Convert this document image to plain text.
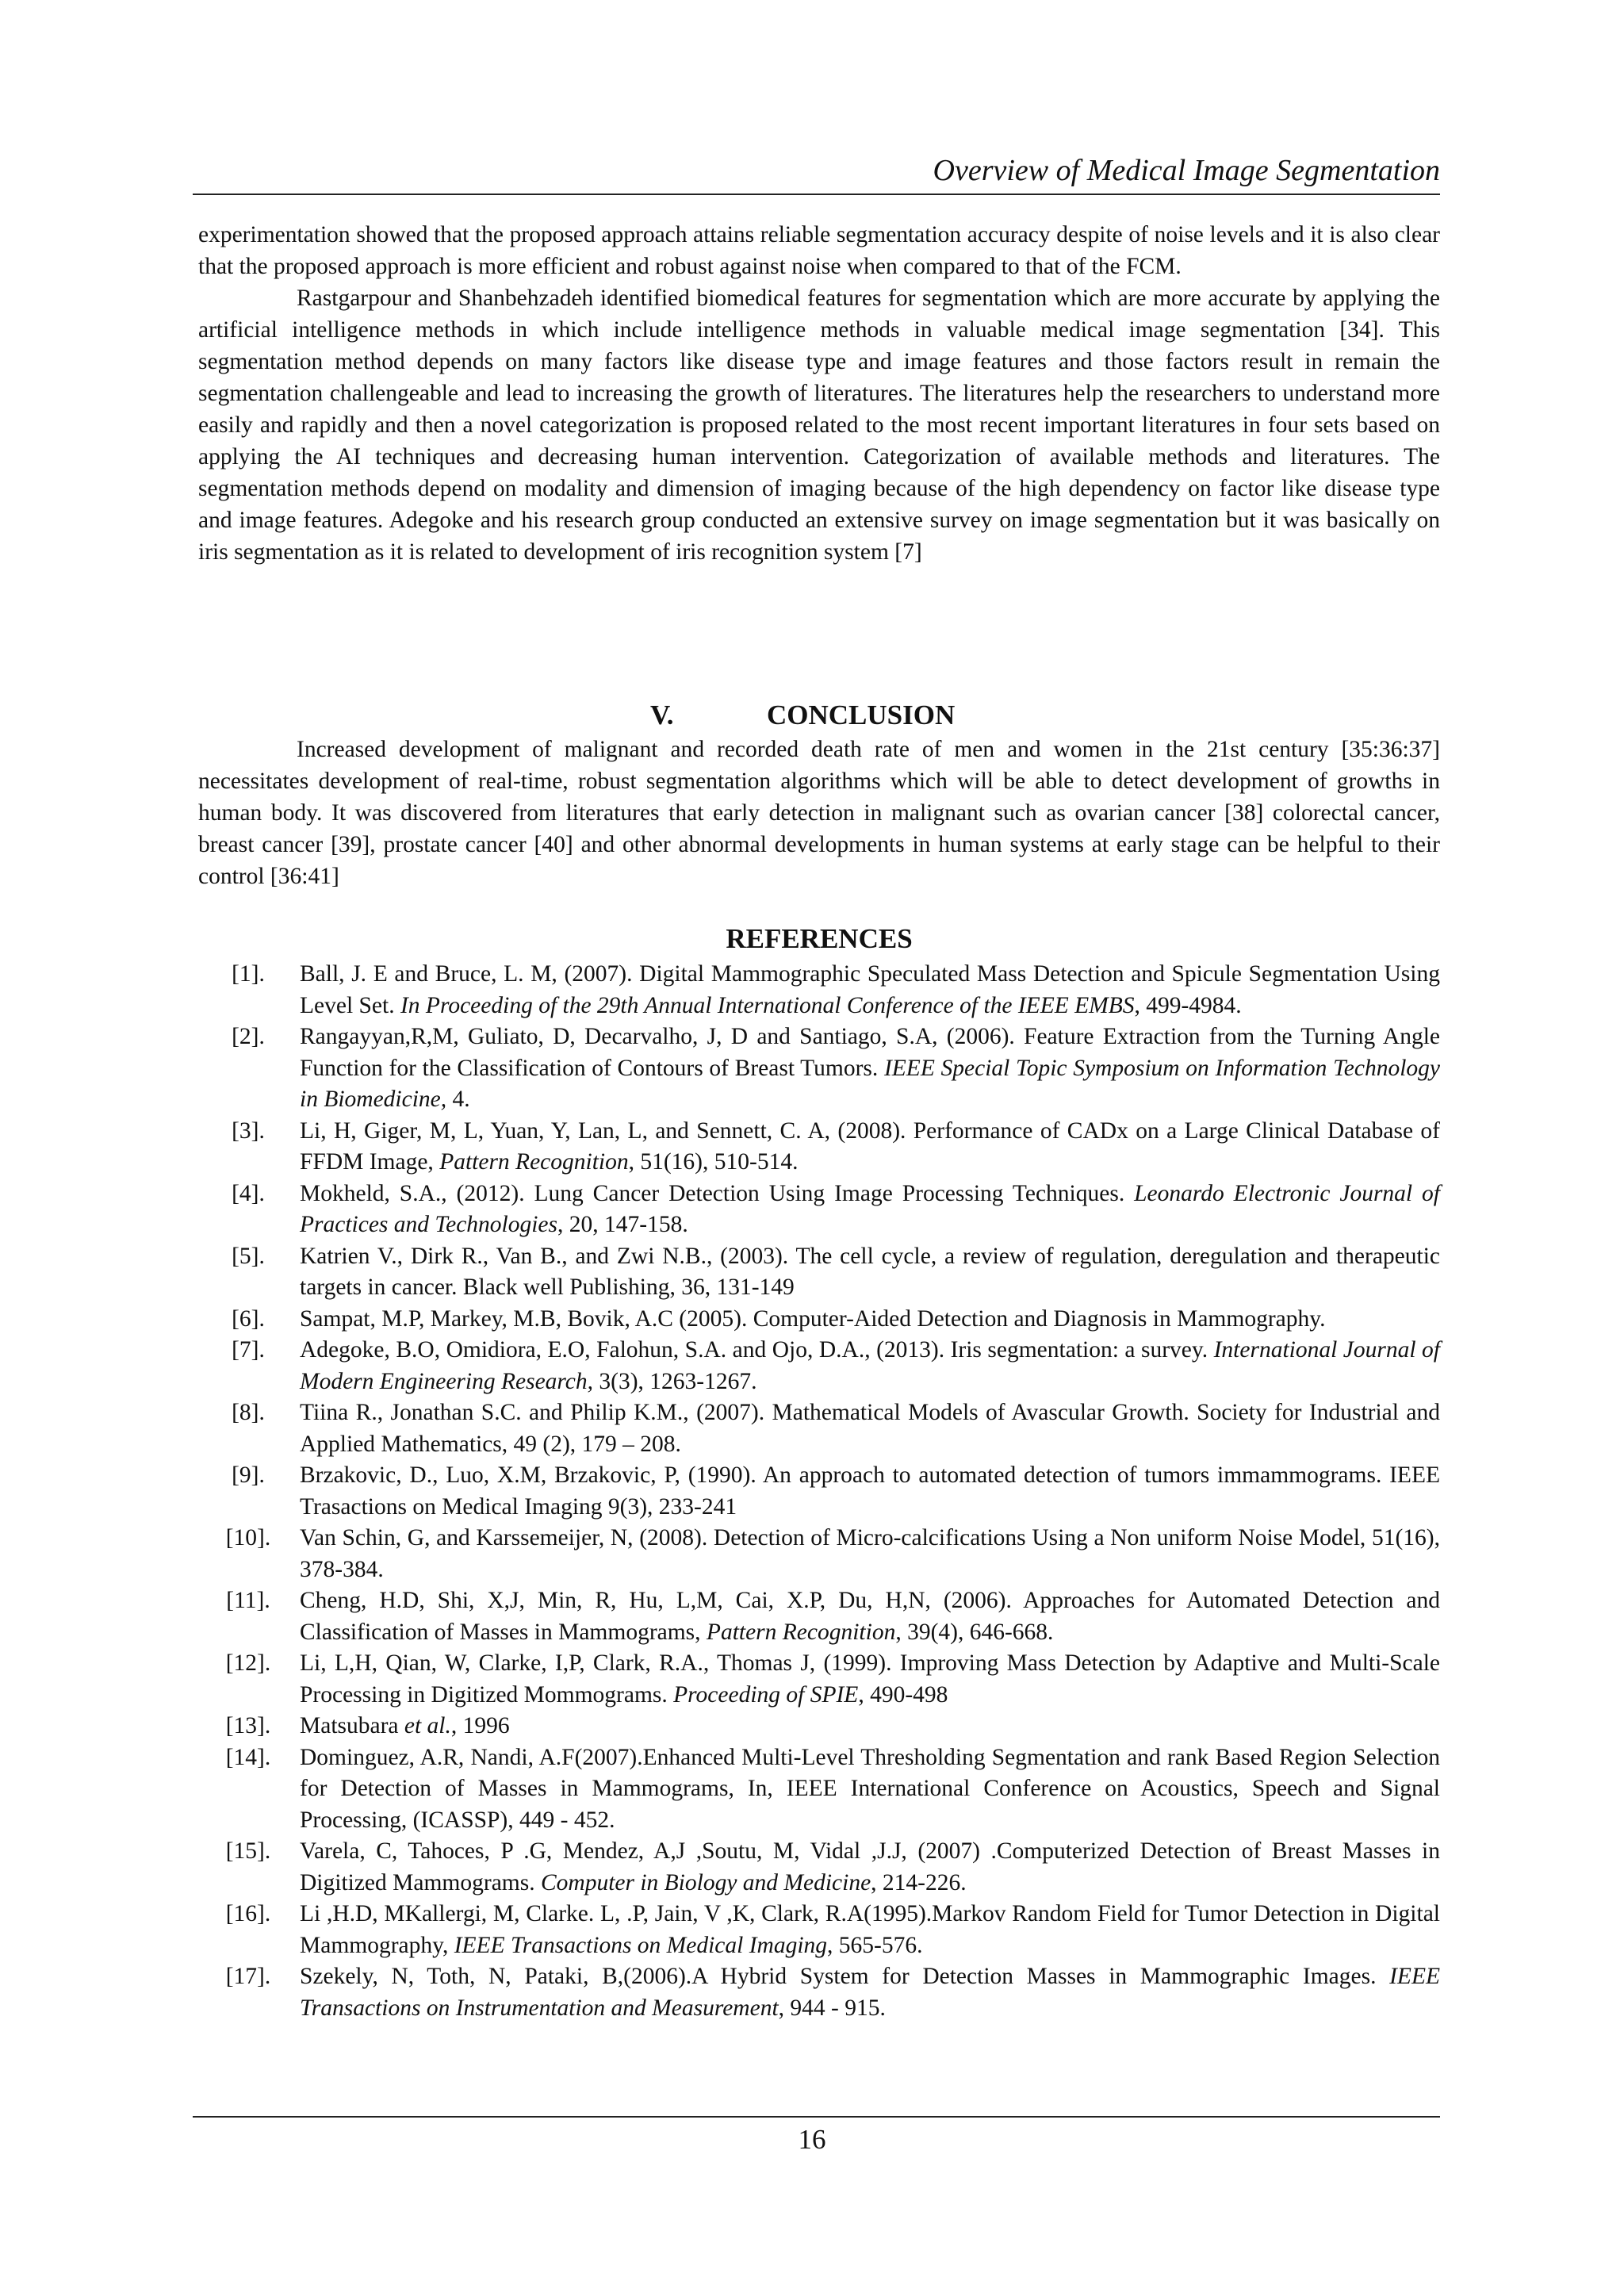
Overview of Medical Image Segmentation

experimentation showed that the proposed approach attains reliable segmentation accuracy despite of noise levels and it is also clear that the proposed approach is more efficient and robust against noise when compared to that of the FCM.

Rastgarpour and Shanbehzadeh identified biomedical features for segmentation which are more accurate by applying the artificial intelligence methods in which include intelligence methods in valuable medical image segmentation [34]. This segmentation method depends on many factors like disease type and image features and those factors result in remain the segmentation challengeable and lead to increasing the growth of literatures. The literatures help the researchers to understand more easily and rapidly and then a novel categorization is proposed related to the most recent important literatures in four sets based on applying the AI techniques and decreasing human intervention. Categorization of available methods and literatures. The segmentation methods depend on modality and dimension of imaging because of the high dependency on factor like disease type and image features. Adegoke and his research group conducted an extensive survey on image segmentation but it was basically on iris segmentation as it is related to development of iris recognition system [7]

V.	CONCLUSION

Increased development of malignant and recorded death rate of men and women in the 21st century [35:36:37] necessitates development of real-time, robust segmentation algorithms which will be able to detect development of growths in human body. It was discovered from literatures that early detection in malignant such as ovarian cancer [38] colorectal cancer, breast cancer [39], prostate cancer [40] and other abnormal developments in human systems at early stage can be helpful to their control [36:41]

REFERENCES
[1].	Ball, J. E and Bruce, L. M, (2007). Digital Mammographic Speculated Mass Detection and Spicule Segmentation Using Level Set. In Proceeding of the 29th Annual International Conference of the IEEE EMBS, 499-4984.
[2].	Rangayyan,R,M, Guliato, D, Decarvalho, J, D and Santiago, S.A, (2006). Feature Extraction from the Turning Angle Function for the Classification of Contours of Breast Tumors. IEEE Special Topic Symposium on Information Technology in Biomedicine, 4.
[3].	Li, H, Giger, M, L, Yuan, Y, Lan, L, and Sennett, C. A, (2008). Performance of CADx on a Large Clinical Database of FFDM Image, Pattern Recognition, 51(16), 510-514.
[4].	Mokheld, S.A., (2012). Lung Cancer Detection Using Image Processing Techniques. Leonardo Electronic Journal of Practices and Technologies, 20, 147-158.
[5].	Katrien V., Dirk R., Van B., and Zwi N.B., (2003). The cell cycle, a review of regulation, deregulation and therapeutic targets in cancer. Black well Publishing, 36, 131-149
[6].	Sampat, M.P, Markey, M.B, Bovik, A.C (2005). Computer-Aided Detection and Diagnosis in Mammography.
[7].	Adegoke, B.O, Omidiora, E.O, Falohun, S.A. and Ojo, D.A., (2013). Iris segmentation: a survey. International Journal of Modern Engineering Research, 3(3), 1263-1267.
[8].	Tiina R., Jonathan S.C. and Philip K.M., (2007). Mathematical Models of Avascular Growth. Society for Industrial and Applied Mathematics, 49 (2), 179 – 208.
[9].	Brzakovic, D., Luo, X.M, Brzakovic, P, (1990). An approach to automated detection of tumors immammograms. IEEE Trasactions on Medical Imaging 9(3), 233-241
[10].	Van Schin, G, and Karssemeijer, N, (2008). Detection of Micro-calcifications Using a Non uniform Noise Model, 51(16), 378-384.
[11].	Cheng, H.D, Shi, X,J, Min, R, Hu, L,M, Cai, X.P, Du, H,N, (2006). Approaches for Automated Detection and Classification of Masses in Mammograms, Pattern Recognition, 39(4), 646-668.
[12].	Li, L,H, Qian, W, Clarke, I,P, Clark, R.A., Thomas J, (1999). Improving Mass Detection by Adaptive and Multi-Scale Processing in Digitized Mommograms. Proceeding of SPIE, 490-498
[13].	Matsubara et al., 1996
[14].	Dominguez, A.R, Nandi, A.F(2007).Enhanced Multi-Level Thresholding Segmentation and rank Based Region Selection for Detection of Masses in Mammograms, In, IEEE International Conference on Acoustics, Speech and Signal Processing, (ICASSP), 449 - 452.
[15].	Varela, C, Tahoces, P .G, Mendez, A,J ,Soutu, M, Vidal ,J.J, (2007) .Computerized Detection of Breast Masses in Digitized Mammograms. Computer in Biology and Medicine, 214-226.
[16].	Li ,H.D, MKallergi, M, Clarke. L, .P, Jain, V ,K, Clark, R.A(1995).Markov Random Field for Tumor Detection in Digital Mammography, IEEE Transactions on Medical Imaging, 565-576.
[17].	Szekely, N, Toth, N, Pataki, B,(2006).A Hybrid System for Detection Masses in Mammographic Images. IEEE Transactions on Instrumentation and Measurement, 944 - 915.
16
